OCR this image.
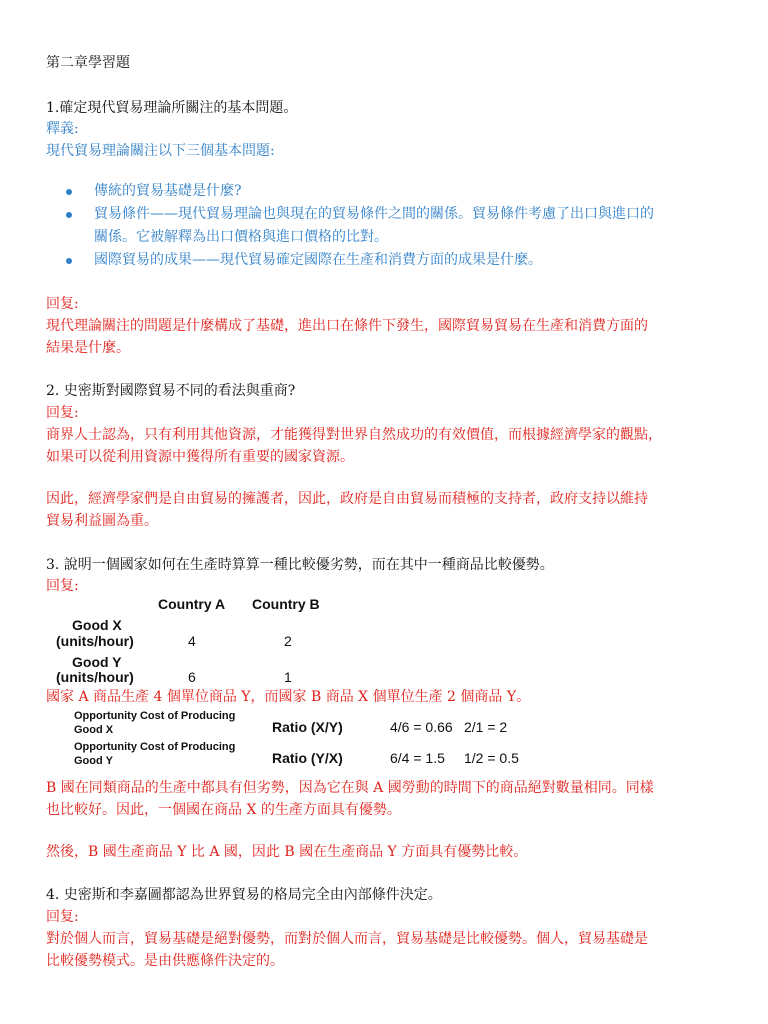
第二章學習題
1.確定現代貿易理論所關注的基本問題。
釋義:
現代貿易理論關注以下三個基本問題:
傳統的貿易基礎是什麼?
貿易條件——現代貿易理論也與現在的貿易條件之間的關係。貿易條件考慮了出口與進口的
關係。它被解釋為出口價格與進口價格的比對。
國際貿易的成果——現代貿易確定國際在生產和消費方面的成果是什麼。
回复:
現代理論關注的問題是什麼構成了基礎，進出口在條件下發生，國際貿易貿易在生產和消費方面的
結果是什麼。
2. 史密斯對國際貿易不同的看法與重商?
回复:
商界人士認為，只有利用其他資源，才能獲得對世界自然成功的有效價值，而根據經濟學家的觀點，
如果可以從利用資源中獲得所有重要的國家資源。
因此，經濟學家們是自由貿易的擁護者，因此，政府是自由貿易而積極的支持者，政府支持以維持
貿易利益圖為重。
3. 說明一個國家如何在生產時算算一種比較優劣勢，而在其中一種商品比較優勢。
回复:
Country A Country B
Good X
(units/hour)	4	2
Good Y
(units/hour)	6	1
國家 A 商品生產 4 個單位商品 Y，而國家 B 商品 X 個單位生產 2 個商品 Y。
Opportunity Cost of Producing
Good X	Ratio (X/Y)	4/6 = 0.66 2/1 = 2
Opportunity Cost of Producing
Good Y	Ratio (Y/X)	6/4 = 1.5 1/2 = 0.5
B 國在同類商品的生產中都具有但劣勢，因為它在與 A 國勞動的時間下的商品絕對數量相同。同樣
也比較好。因此，一個國在商品 X 的生產方面具有優勢。
然後，B 國生產商品 Y 比 A 國，因此 B 國在生產商品 Y 方面具有優勢比較。
4. 史密斯和李嘉圖都認為世界貿易的格局完全由內部條件決定。
回复:
對於個人而言，貿易基礎是絕對優勢，而對於個人而言，貿易基礎是比較優勢。個人，貿易基礎是
比較優勢模式。是由供應條件決定的。
